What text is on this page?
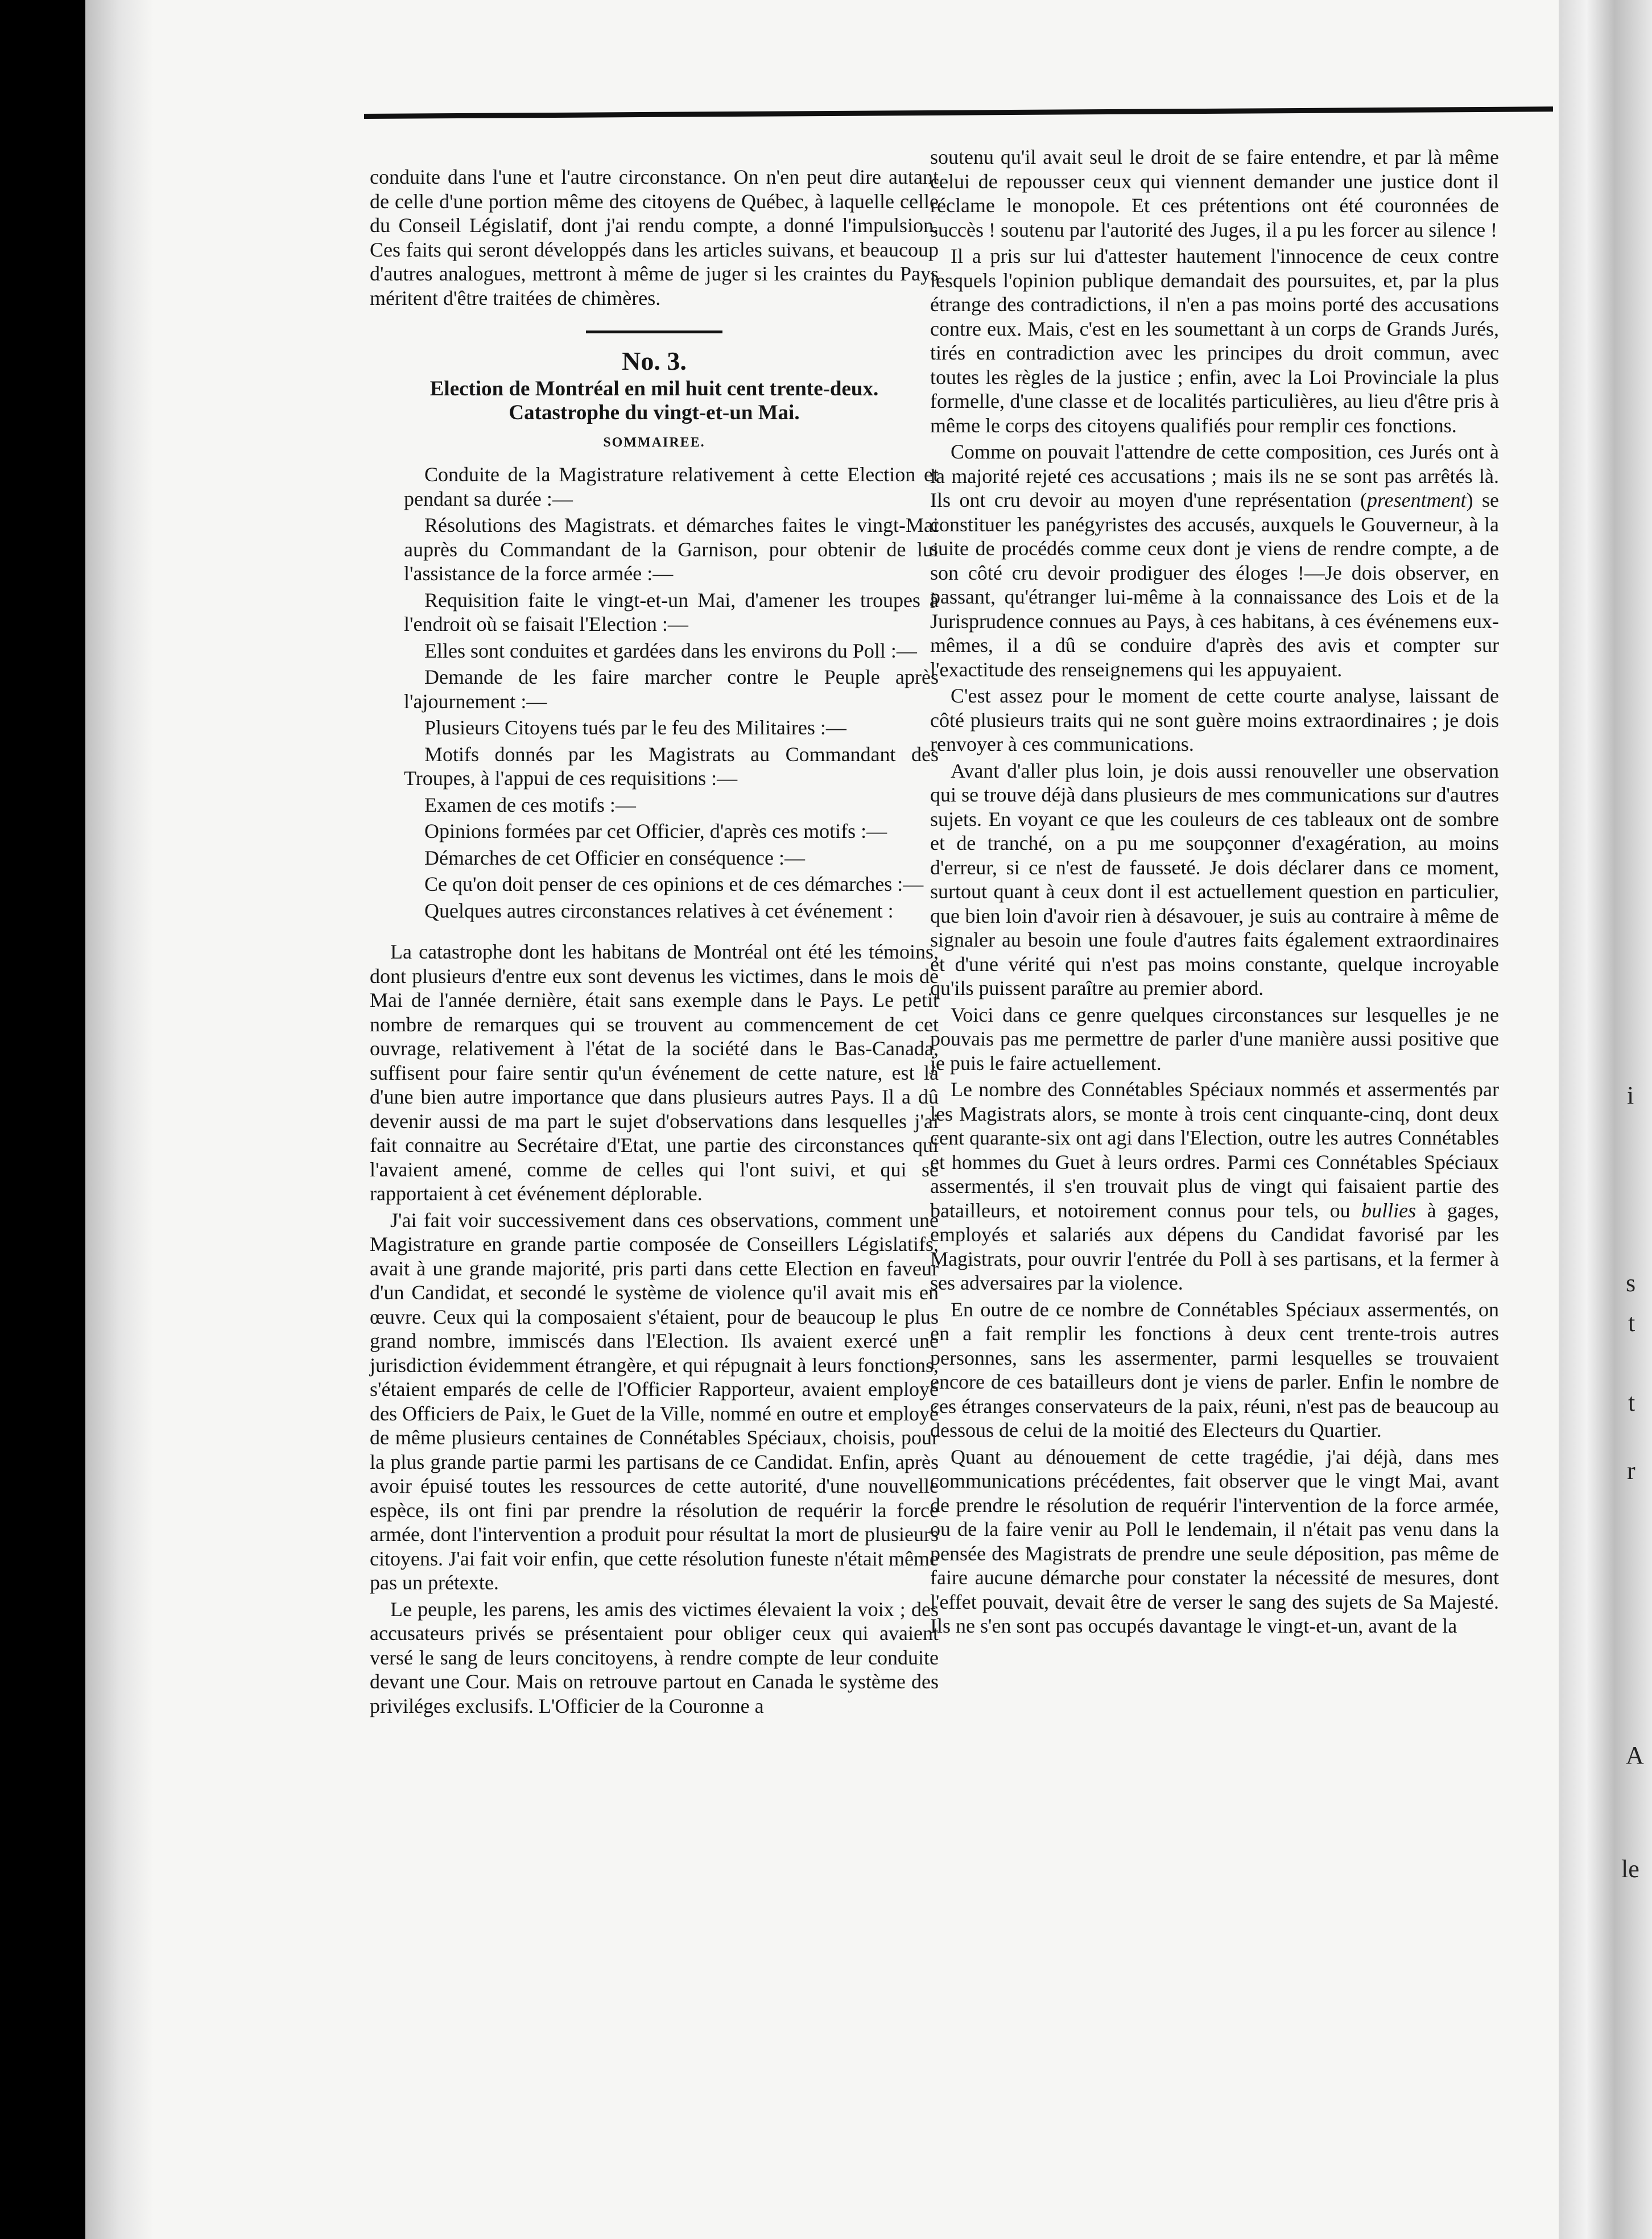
conduite dans l'une et l'autre circonstance. On n'en peut dire autant de celle d'une portion même des citoyens de Québec, à laquelle celle du Conseil Législatif, dont j'ai rendu compte, a donné l'impulsion. Ces faits qui seront développés dans les articles suivans, et beaucoup d'autres analogues, mettront à même de juger si les craintes du Pays méritent d'être traitées de chimères.

No. 3.
Election de Montréal en mil huit cent trente-deux.
Catastrophe du vingt-et-un Mai.
SOMMAIREE.

Conduite de la Magistrature relativement à cette Election et pendant sa durée :—

Résolutions des Magistrats. et démarches faites le vingt-Mai auprès du Commandant de la Garnison, pour obtenir de lui l'assistance de la force armée :—

Requisition faite le vingt-et-un Mai, d'amener les troupes à l'endroit où se faisait l'Election :—

Elles sont conduites et gardées dans les environs du Poll :—

Demande de les faire marcher contre le Peuple après l'ajournement :—

Plusieurs Citoyens tués par le feu des Militaires :—

Motifs donnés par les Magistrats au Commandant des Troupes, à l'appui de ces requisitions :—

Examen de ces motifs :—

Opinions formées par cet Officier, d'après ces motifs :—

Démarches de cet Officier en conséquence :—

Ce qu'on doit penser de ces opinions et de ces démarches :—

Quelques autres circonstances relatives à cet événement :

La catastrophe dont les habitans de Montréal ont été les témoins, dont plusieurs d'entre eux sont devenus les victimes, dans le mois de Mai de l'année dernière, était sans exemple dans le Pays. Le petit nombre de remarques qui se trouvent au commencement de cet ouvrage, relativement à l'état de la société dans le Bas-Canada, suffisent pour faire sentir qu'un événement de cette nature, est là d'une bien autre importance que dans plusieurs autres Pays. Il a dû devenir aussi de ma part le sujet d'observations dans lesquelles j'ai fait connaitre au Secrétaire d'Etat, une partie des circonstances qui l'avaient amené, comme de celles qui l'ont suivi, et qui se rapportaient à cet événement déplorable.

J'ai fait voir successivement dans ces observations, comment une Magistrature en grande partie composée de Conseillers Législatifs, avait à une grande majorité, pris parti dans cette Election en faveur d'un Candidat, et secondé le système de violence qu'il avait mis en œuvre. Ceux qui la composaient s'étaient, pour de beaucoup le plus grand nombre, immiscés dans l'Election. Ils avaient exercé une jurisdiction évidemment étrangère, et qui répugnait à leurs fonctions, s'étaient emparés de celle de l'Officier Rapporteur, avaient employé des Officiers de Paix, le Guet de la Ville, nommé en outre et employé de même plusieurs centaines de Connétables Spéciaux, choisis, pour la plus grande partie parmi les partisans de ce Candidat. Enfin, après avoir épuisé toutes les ressources de cette autorité, d'une nouvelle espèce, ils ont fini par prendre la résolution de requérir la force armée, dont l'intervention a produit pour résultat la mort de plusieurs citoyens. J'ai fait voir enfin, que cette résolution funeste n'était même pas un prétexte.

Le peuple, les parens, les amis des victimes élevaient la voix ; des accusateurs privés se présentaient pour obliger ceux qui avaient versé le sang de leurs concitoyens, à rendre compte de leur conduite devant une Cour. Mais on retrouve partout en Canada le système des priviléges exclusifs. L'Officier de la Couronne a

soutenu qu'il avait seul le droit de se faire entendre, et par là même celui de repousser ceux qui viennent demander une justice dont il réclame le monopole. Et ces prétentions ont été couronnées de succès ! soutenu par l'autorité des Juges, il a pu les forcer au silence !

Il a pris sur lui d'attester hautement l'innocence de ceux contre lesquels l'opinion publique demandait des poursuites, et, par la plus étrange des contradictions, il n'en a pas moins porté des accusations contre eux. Mais, c'est en les soumettant à un corps de Grands Jurés, tirés en contradiction avec les principes du droit commun, avec toutes les règles de la justice ; enfin, avec la Loi Provinciale la plus formelle, d'une classe et de localités particulières, au lieu d'être pris à même le corps des citoyens qualifiés pour remplir ces fonctions.

Comme on pouvait l'attendre de cette composition, ces Jurés ont à la majorité rejeté ces accusations ; mais ils ne se sont pas arrêtés là. Ils ont cru devoir au moyen d'une représentation (presentment) se constituer les panégyristes des accusés, auxquels le Gouverneur, à la suite de procédés comme ceux dont je viens de rendre compte, a de son côté cru devoir prodiguer des éloges !—Je dois observer, en passant, qu'étranger lui-même à la connaissance des Lois et de la Jurisprudence connues au Pays, à ces habitans, à ces événemens eux-mêmes, il a dû se conduire d'après des avis et compter sur l'exactitude des renseignemens qui les appuyaient.

C'est assez pour le moment de cette courte analyse, laissant de côté plusieurs traits qui ne sont guère moins extraordinaires ; je dois renvoyer à ces communications.

Avant d'aller plus loin, je dois aussi renouveller une observation qui se trouve déjà dans plusieurs de mes communications sur d'autres sujets. En voyant ce que les couleurs de ces tableaux ont de sombre et de tranché, on a pu me soupçonner d'exagération, au moins d'erreur, si ce n'est de fausseté. Je dois déclarer dans ce moment, surtout quant à ceux dont il est actuellement question en particulier, que bien loin d'avoir rien à désavouer, je suis au contraire à même de signaler au besoin une foule d'autres faits également extraordinaires et d'une vérité qui n'est pas moins constante, quelque incroyable qu'ils puissent paraître au premier abord.

Voici dans ce genre quelques circonstances sur lesquelles je ne pouvais pas me permettre de parler d'une manière aussi positive que je puis le faire actuellement.

Le nombre des Connétables Spéciaux nommés et assermentés par les Magistrats alors, se monte à trois cent cinquante-cinq, dont deux cent quarante-six ont agi dans l'Election, outre les autres Connétables et hommes du Guet à leurs ordres. Parmi ces Connétables Spéciaux assermentés, il s'en trouvait plus de vingt qui faisaient partie des batailleurs, et notoirement connus pour tels, ou bullies à gages, employés et salariés aux dépens du Candidat favorisé par les Magistrats, pour ouvrir l'entrée du Poll à ses partisans, et la fermer à ses adversaires par la violence.

En outre de ce nombre de Connétables Spéciaux assermentés, on en a fait remplir les fonctions à deux cent trente-trois autres personnes, sans les assermenter, parmi lesquelles se trouvaient encore de ces batailleurs dont je viens de parler. Enfin le nombre de ces étranges conservateurs de la paix, réuni, n'est pas de beaucoup au dessous de celui de la moitié des Electeurs du Quartier.

Quant au dénouement de cette tragédie, j'ai déjà, dans mes communications précédentes, fait observer que le vingt Mai, avant de prendre le résolution de requérir l'intervention de la force armée, ou de la faire venir au Poll le lendemain, il n'était pas venu dans la pensée des Magistrats de prendre une seule déposition, pas même de faire aucune démarche pour constater la nécessité de mesures, dont l'effet pouvait, devait être de verser le sang des sujets de Sa Majesté. Ils ne s'en sont pas occupés davantage le vingt-et-un, avant de la

i
s
t
t
A
le
r
